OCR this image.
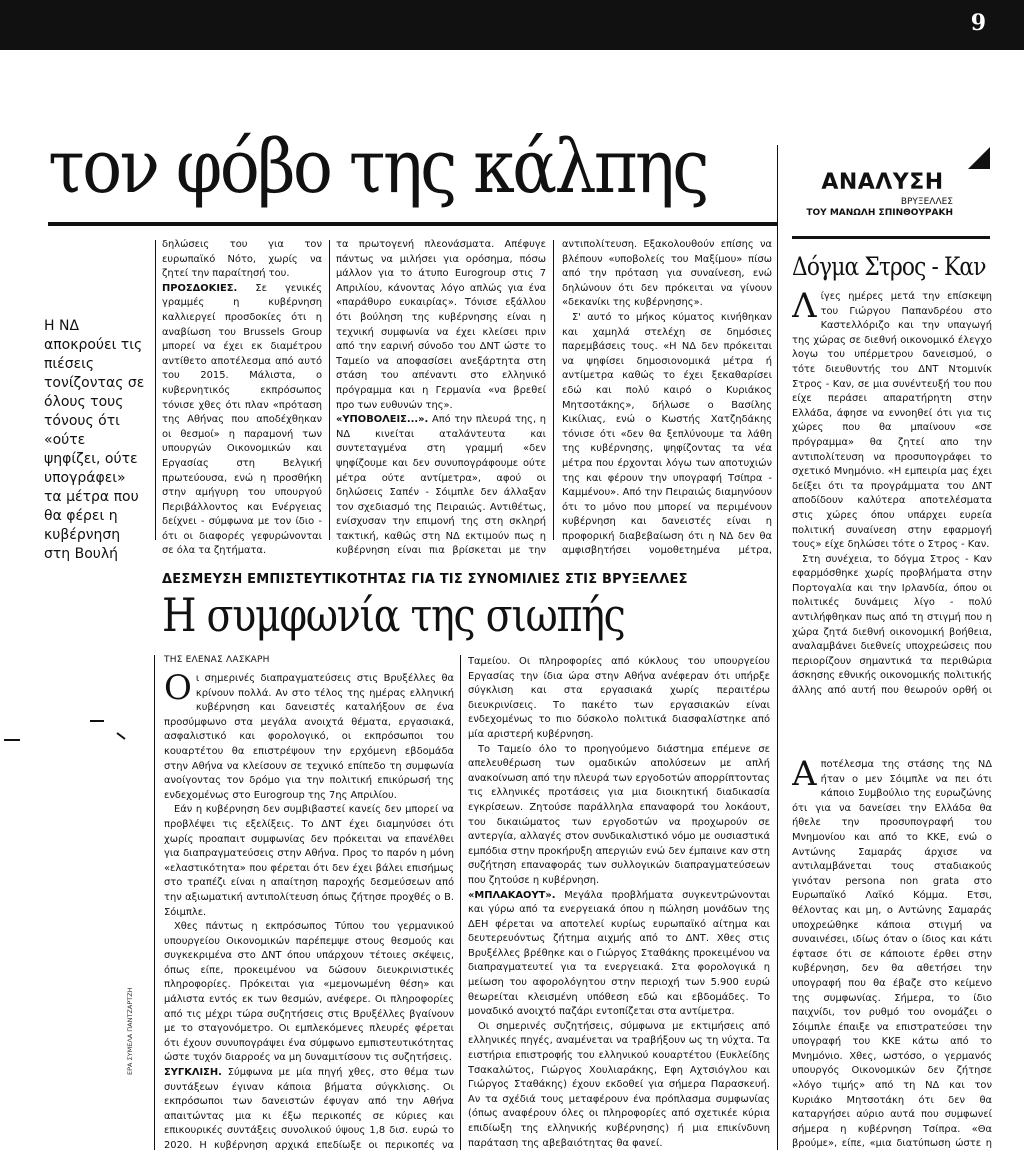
9
τον φόβο της κάλπης
Η ΝΔ αποκρούει τις πιέσεις τονίζοντας σε όλους τους τόνους ότι «ούτε ψηφίζει, ούτε υπογράφει» τα μέτρα που θα φέρει η κυβέρνηση στη Βουλή

δηλώσεις του για τον ευρωπαϊκό Νότο, χωρίς να ζητεί την παραίτησή του.

ΠΡΟΣΔΟΚΙΕΣ. Σε γενικές γραμμές η κυβέρνηση καλλιεργεί προσδοκίες ότι η αναβίωση του Brussels Group μπορεί να έχει εκ διαμέτρου αντίθετο αποτέλεσμα από αυτό του 2015. Μάλιστα, ο κυβερνητικός εκπρόσωπος τόνισε χθες ότι πλαν «πρόταση της Αθήνας που αποδέχθηκαν οι θεσμοί» η παραμονή των υπουργών Οικονομικών και Εργασίας στη Βελγική πρωτεύουσα, ενώ η προσθήκη στην αμήγυρη του υπουργού Περιβάλλοντος και Ενέργειας δείχνει - σύμφωνα με τον ίδιο - ότι οι διαφορές γεφυρώνονται σε όλα τα ζητήματα.

τα πρωτογενή πλεονάσματα. Απέφυγε πάντως να μιλήσει για ορόσημα, πόσω μάλλον για το άτυπο Eurogroup στις 7 Απριλίου, κάνοντας λόγο απλώς για ένα «παράθυρο ευκαιρίας». Τόνισε εξάλλου ότι βούληση της κυβέρνησης είναι η τεχνική συμφωνία να έχει κλείσει πριν από την εαρινή σύνοδο του ΔΝΤ ώστε το Ταμείο να αποφασίσει ανεξάρτητα στη στάση του απέναντι στο ελληνικό πρόγραμμα και η Γερμανία «να βρεθεί προ των ευθυνών της».

«ΥΠΟΒΟΛΕΙΣ...». Από την πλευρά της, η ΝΔ κινείται αταλάντευτα και συντεταγμένα στη γραμμή «δεν ψηφίζουμε και δεν συνυπογράφουμε ούτε μέτρα ούτε αντίμετρα», αφού οι δηλώσεις Σαπέν - Σόιμπλε δεν άλλαξαν τον σχεδιασμό της Πειραιώς. Αντιθέτως, ενίσχυσαν την επιμονή της στη σκληρή τακτική, καθώς στη ΝΔ εκτιμούν πως η κυβέρνηση είναι πια βρίσκεται με την

αντιπολίτευση. Εξακολουθούν επίσης να βλέπουν «υποβολείς του Μαξίμου» πίσω από την πρόταση για συναίνεση, ενώ δηλώνουν ότι δεν πρόκειται να γίνουν «δεκανίκι της κυβέρνησης».

Σ' αυτό το μήκος κύματος κινήθηκαν και χαμηλά στελέχη σε δημόσιες παρεμβάσεις τους. «Η ΝΔ δεν πρόκειται να ψηφίσει δημοσιονομικά μέτρα ή αντίμετρα καθώς το έχει ξεκαθαρίσει εδώ και πολύ καιρό ο Κυριάκος Μητσοτάκης», δήλωσε ο Βασίλης Κικίλιας, ενώ ο Κωστής Χατζηδάκης τόνισε ότι «δεν θα ξεπλύνουμε τα λάθη της κυβέρνησης, ψηφίζοντας τα νέα μέτρα που έρχονται λόγω των αποτυχιών της και φέρουν την υπογραφή Τσίπρα - Καμμένου». Από την Πειραιώς διαμηνύουν ότι το μόνο που μπορεί να περιμένουν κυβέρνηση και δανειστές είναι η προφορική διαβεβαίωση ότι η ΝΔ δεν θα αμφισβητήσει νομοθετημένα μέτρα,

ΔΕΣΜΕΥΣΗ ΕΜΠΙΣΤΕΥΤΙΚΟΤΗΤΑΣ ΓΙΑ ΤΙΣ ΣΥΝΟΜΙΛΙΕΣ ΣΤΙΣ ΒΡΥΞΕΛΛΕΣ
Η συμφωνία της σιωπής
ΤΗΣ ΕΛΕΝΑΣ ΛΑΣΚΑΡΗ

Οι σημερινές διαπραγματεύσεις στις Βρυξέλλες θα κρίνουν πολλά. Αν στο τέλος της ημέρας ελληνική κυβέρνηση και δανειστές καταλήξουν σε ένα προσύμφωνο στα μεγάλα ανοιχτά θέματα, εργασιακά, ασφαλιστικό και φορολογικό, οι εκπρόσωποι του κουαρτέτου θα επιστρέψουν την ερχόμενη εβδομάδα στην Αθήνα να κλείσουν σε τεχνικό επίπεδο τη συμφωνία ανοίγοντας τον δρόμο για την πολιτική επικύρωσή της ενδεχομένως στο Eurogroup της 7ης Απριλίου.

Εάν η κυβέρνηση δεν συμβιβαστεί κανείς δεν μπορεί να προβλέψει τις εξελίξεις. Το ΔΝΤ έχει διαμηνύσει ότι χωρίς προαπαιτ συμφωνίας δεν πρόκειται να επανέλθει για διαπραγματεύσεις στην Αθήνα. Προς το παρόν η μόνη «ελαστικότητα» που φέρεται ότι δεν έχει βάλει επισήμως στο τραπέζι είναι η απαίτηση παροχής δεσμεύσεων από την αξιωματική αντιπολίτευση όπως ζήτησε προχθές ο Β. Σόιμπλε.

Χθες πάντως η εκπρόσωπος Τύπου του γερμανικού υπουργείου Οικονομικών παρέπεμψε στους θεσμούς και συγκεκριμένα στο ΔΝΤ όπου υπάρχουν τέτοιες σκέψεις, όπως είπε, προκειμένου να δώσουν διευκρινιστικές πληροφορίες. Πρόκειται για «μεμονωμένη θέση» και μάλιστα εντός εκ των θεσμών, ανέφερε. Οι πληροφορίες από τις μέχρι τώρα συζητήσεις στις Βρυξέλλες βγαίνουν με το σταγονόμετρο. Οι εμπλεκόμενες πλευρές φέρεται ότι έχουν συνυπογράψει ένα σύμφωνο εμπιστευτικότητας ώστε τυχόν διαρροές να μη δυναμιτίσουν τις συζητήσεις.

ΣΥΓΚΛΙΣΗ. Σύμφωνα με μία πηγή χθες, στο θέμα των συντάξεων έγιναν κάποια βήματα σύγκλισης. Οι εκπρόσωποι των δανειστών έφυγαν από την Αθήνα απαιτώντας μια κι έξω περικοπές σε κύριες και επικουρικές συντάξεις συνολικού ύψους 1,8 δισ. ευρώ το 2020. Η κυβέρνηση αρχικά επεδίωξε οι περικοπές να

Ταμείου. Οι πληροφορίες από κύκλους του υπουργείου Εργασίας την ίδια ώρα στην Αθήνα ανέφεραν ότι υπήρξε σύγκλιση και στα εργασιακά χωρίς περαιτέρω διευκρινίσεις. Το πακέτο των εργασιακών είναι ενδεχομένως το πιο δύσκολο πολιτικά διασφαλίστηκε από μία αριστερή κυβέρνηση.

Το Ταμείο όλο το προηγούμενο διάστημα επέμενε σε απελευθέρωση των ομαδικών απολύσεων με απλή ανακοίνωση από την πλευρά των εργοδοτών απορρίπτοντας τις ελληνικές προτάσεις για μια διοικητική διαδικασία εγκρίσεων. Ζητούσε παράλληλα επαναφορά του λοκάουτ, του δικαιώματος των εργοδοτών να προχωρούν σε αντεργία, αλλαγές στον συνδικαλιστικό νόμο με ουσιαστικά εμπόδια στην προκήρυξη απεργιών ενώ δεν έμπαινε καν στη συζήτηση επαναφοράς των συλλογικών διαπραγματεύσεων που ζητούσε η κυβέρνηση.

«ΜΠΛΑΚΑΟΥΤ». Μεγάλα προβλήματα συγκεντρώνονται και γύρω από τα ενεργειακά όπου η πώληση μονάδων της ΔΕΗ φέρεται να αποτελεί κυρίως ευρωπαϊκό αίτημα και δευτερευόντως ζήτημα αιχμής από το ΔΝΤ. Χθες στις Βρυξέλλες βρέθηκε και ο Γιώργος Σταθάκης προκειμένου να διαπραγματευτεί για τα ενεργειακά. Στα φορολογικά η μείωση του αφορολόγητου στην περιοχή των 5.900 ευρώ θεωρείται κλεισμένη υπόθεση εδώ και εβδομάδες. Το μοναδικό ανοιχτό παζάρι εντοπίζεται στα αντίμετρα.

Οι σημερινές συζητήσεις, σύμφωνα με εκτιμήσεις από ελληνικές πηγές, αναμένεται να τραβήξουν ως τη νύχτα. Τα ειστήρια επιστροφής του ελληνικού κουαρτέτου (Ευκλείδης Τσακαλώτος, Γιώργος Χουλιαράκης, Εφη Αχτσιόγλου και Γιώργος Σταθάκης) έχουν εκδοθεί για σήμερα Παρασκευή. Αν τα σχέδιά τους μεταφέρουν ένα πρόπλασμα συμφωνίας (όπως αναφέρουν όλες οι πληροφορίες από σχετικέε κύρια επιδίωξη της ελληνικής κυβέρνησης) ή μια επικίνδυνη παράταση της αβεβαιότητας θα φανεί.

ΕΡΑ ΣΥΜΕΛΑ ΠΑΝΤΖΑΡΤΖΗ
ΑΝΑΛΥΣΗ
ΒΡΥΞΕΛΛΕΣ
ΤΟΥ ΜΑΝΩΛΗ ΣΠΙΝΘΟΥΡΑΚΗ
Δόγμα Στρος - Καν

Λίγες ημέρες μετά την επίσκεψη του Γιώργου Παπανδρέου στο Καστελλόριζο και την υπαγωγή της χώρας σε διεθνή οικονομικό έλεγχο λογω του υπέρμετρου δανεισμού, ο τότε διευθυντής του ΔΝΤ Ντομινίκ Στρος - Καν, σε μια συνέντευξή του που είχε περάσει απαρατήρητη στην Ελλάδα, άφησε να εννοηθεί ότι για τις χώρες που θα μπαίνουν «σε πρόγραμμα» θα ζητεί απο την αντιπολίτευση να προσυπογράφει το σχετικό Μνημόνιο. «Η εμπειρία μας έχει δείξει ότι τα προγράμματα του ΔΝΤ αποδίδουν καλύτερα αποτελέσματα στις χώρες όπου υπάρχει ευρεία πολιτική συναίνεση στην εφαρμογή τους» είχε δηλώσει τότε ο Στρος - Καν.

Στη συνέχεια, το δόγμα Στρος - Καν εφαρμόσθηκε χωρίς προβλήματα στην Πορτογαλία και την Ιρλανδία, όπου οι πολιτικές δυνάμεις λίγο - πολύ αντιλήφθηκαν πως από τη στιγμή που η χώρα ζητά διεθνή οικονομική βοήθεια, αναλαμβάνει διεθνείς υποχρεώσεις που περιορίζουν σημαντικά τα περιθώρια άσκησης εθνικής οικονομικής πολιτικής άλλης από αυτή που θεωρούν ορθή οι

Αποτέλεσμα της στάσης της ΝΔ ήταν ο μεν Σόιμπλε να πει ότι κάποιο Συμβούλιο της ευρωζώνης ότι για να δανείσει την Ελλάδα θα ήθελε την προσυπογραφή του Μνημονίου και από το ΚΚΕ, ενώ ο Αντώνης Σαμαράς άρχισε να αντιλαμβάνεται τους σταδιακούς γινόταν persona non grata στο Ευρωπαϊκό Λαϊκό Κόμμα. Ετσι, θέλοντας και μη, ο Αντώνης Σαμαράς υποχρεώθηκε κάποια στιγμή να συναινέσει, ιδίως όταν ο ίδιος και κάτι έφτασε ότι σε κάποιοτε έρθει στην κυβέρνηση, δεν θα αθετήσει την υπογραφή που θα έβαζε στο κείμενο της συμφωνίας. Σήμερα, το ίδιο παιχνίδι, τον ρυθμό του ονομάζει ο Σόιμπλε έπαιξε να επιστρατεύσει την υπογραφή του ΚΚΕ κάτω από το Μνημόνιο. Χθες, ωστόσο, ο γερμανός υπουργός Οικονομικών δεν ζήτησε «λόγο τιμής» από τη ΝΔ και τον Κυριάκο Μητσοτάκη ότι δεν θα καταργήσει αύριο αυτά που συμφωνεί σήμερα η κυβέρνηση Τσίπρα. «Θα βρούμε», είπε, «μια διατύπωση ώστε η
